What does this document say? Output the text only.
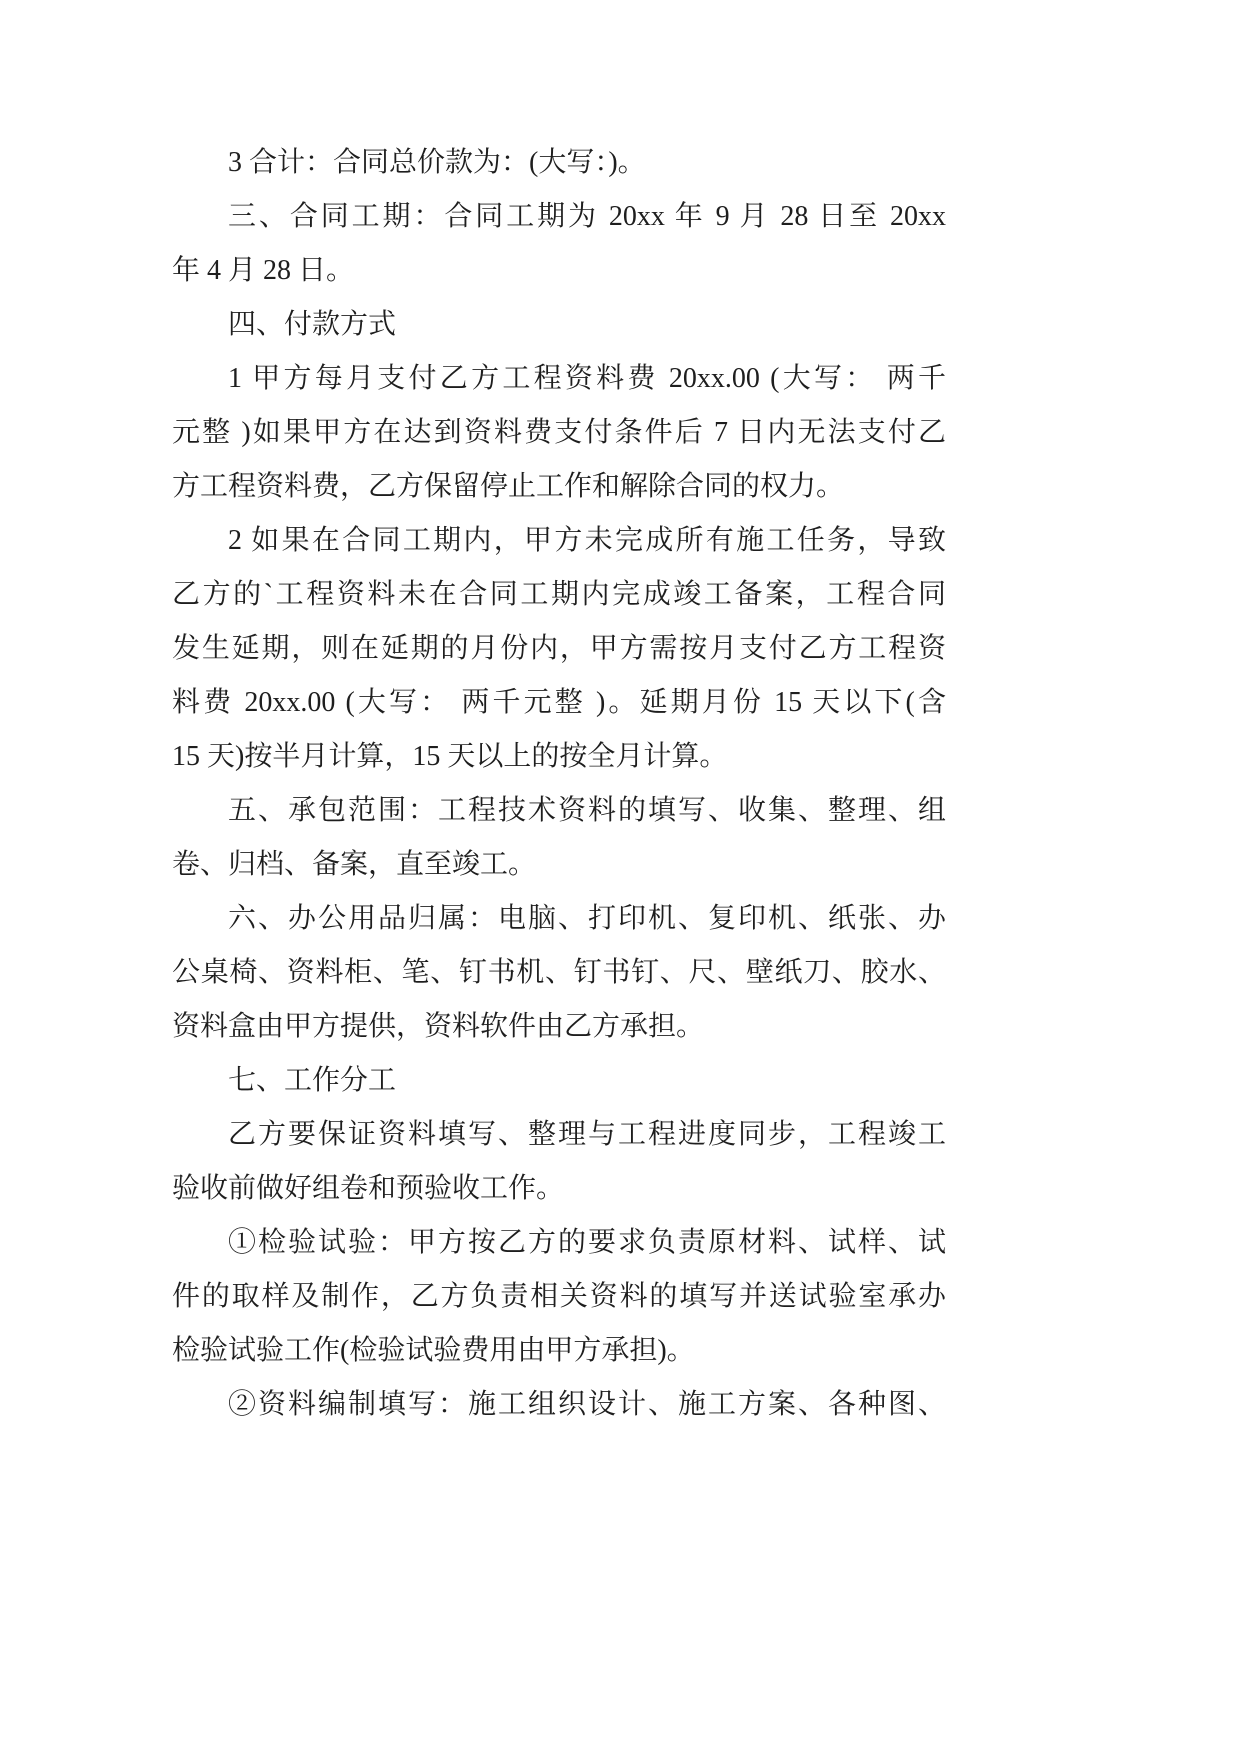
3 合计：合同总价款为：(大写：)。
三、合同工期：合同工期为 20xx 年 9 月 28 日至 20xx
年 4 月 28 日。
四、付款方式
1 甲方每月支付乙方工程资料费 20xx.00 (大写： 两千
元整 )如果甲方在达到资料费支付条件后 7 日内无法支付乙
方工程资料费，乙方保留停止工作和解除合同的权力。
2 如果在合同工期内，甲方未完成所有施工任务，导致
乙方的`工程资料未在合同工期内完成竣工备案，工程合同
发生延期，则在延期的月份内，甲方需按月支付乙方工程资
料费 20xx.00 (大写： 两千元整 )。延期月份 15 天以下(含
15 天)按半月计算，15 天以上的按全月计算。
五、承包范围：工程技术资料的填写、收集、整理、组
卷、归档、备案，直至竣工。
六、办公用品归属：电脑、打印机、复印机、纸张、办
公桌椅、资料柜、笔、钉书机、钉书钉、尺、壁纸刀、胶水、
资料盒由甲方提供，资料软件由乙方承担。
七、工作分工
乙方要保证资料填写、整理与工程进度同步，工程竣工
验收前做好组卷和预验收工作。
①检验试验：甲方按乙方的要求负责原材料、试样、试
件的取样及制作，乙方负责相关资料的填写并送试验室承办
检验试验工作(检验试验费用由甲方承担)。
②资料编制填写：施工组织设计、施工方案、各种图、
